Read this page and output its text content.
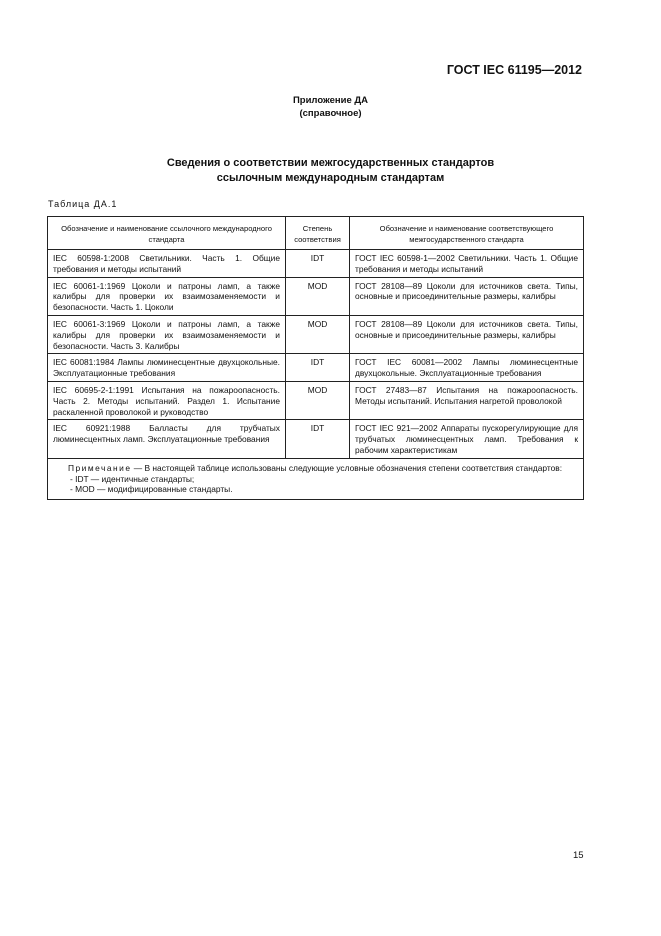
ГОСТ IEC 61195—2012
Приложение ДА
(справочное)
Сведения о соответствии межгосударственных стандартов
ссылочным международным стандартам
Таблица ДА.1
Обозначение и наименование ссылочного международного стандарта	Степень соответствия	Обозначение и наименование соответствующего межгосударственного стандарта
IEC 60598-1:2008 Светильники. Часть 1. Общие требования и методы испытаний	IDT	ГОСТ IEC 60598-1—2002 Светильники. Часть 1. Общие требования и методы испытаний
IEC 60061-1:1969 Цоколи и патроны ламп, а также калибры для проверки их взаимозаменяемости и безопасности. Часть 1. Цоколи	MOD	ГОСТ 28108—89 Цоколи для источников света. Типы, основные и присоединительные размеры, калибры
IEC 60061-3:1969 Цоколи и патроны ламп, а также калибры для проверки их взаимозаменяемости и безопасности. Часть 3. Калибры	MOD	ГОСТ 28108—89 Цоколи для источников света. Типы, основные и присоединительные размеры, калибры
IEC 60081:1984 Лампы люминесцентные двухцокольные. Эксплуатационные требования	IDT	ГОСТ IEC 60081—2002 Лампы люминесцентные двухцокольные. Эксплуатационные требования
IEC 60695-2-1:1991 Испытания на пожароопасность. Часть 2. Методы испытаний. Раздел 1. Испытание раскаленной проволокой и руководство	MOD	ГОСТ 27483—87 Испытания на пожароопасность. Методы испытаний. Испытания нагретой проволокой
IEC 60921:1988 Балласты для трубчатых люминесцентных ламп. Эксплуатационные требования	IDT	ГОСТ IEC 921—2002 Аппараты пускорегулирующие для трубчатых люминесцентных ламп. Требования к рабочим характеристикам

Примечание — В настоящей таблице использованы следующие условные обозначения степени соответствия стандартов:
- IDT — идентичные стандарты;
- MOD — модифицированные стандарты.		
15
